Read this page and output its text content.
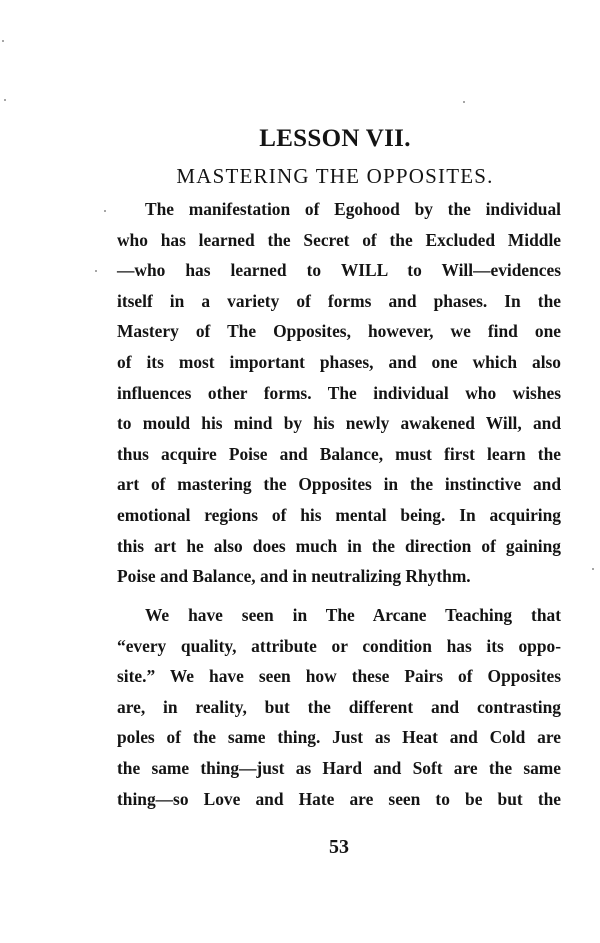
LESSON VII.
MASTERING THE OPPOSITES.
The manifestation of Egohood by the individual
who has learned the Secret of the Excluded Middle
—who has learned to WILL to Will—evidences
itself in a variety of forms and phases. In the
Mastery of The Opposites, however, we find one
of its most important phases, and one which also
influences other forms. The individual who wishes
to mould his mind by his newly awakened Will, and
thus acquire Poise and Balance, must first learn the
art of mastering the Opposites in the instinctive and
emotional regions of his mental being. In acquiring
this art he also does much in the direction of gaining
Poise and Balance, and in neutralizing Rhythm.
We have seen in The Arcane Teaching that
“every quality, attribute or condition has its oppo-
site.” We have seen how these Pairs of Opposites
are, in reality, but the different and contrasting
poles of the same thing. Just as Heat and Cold are
the same thing—just as Hard and Soft are the same
thing—so Love and Hate are seen to be but the
53
